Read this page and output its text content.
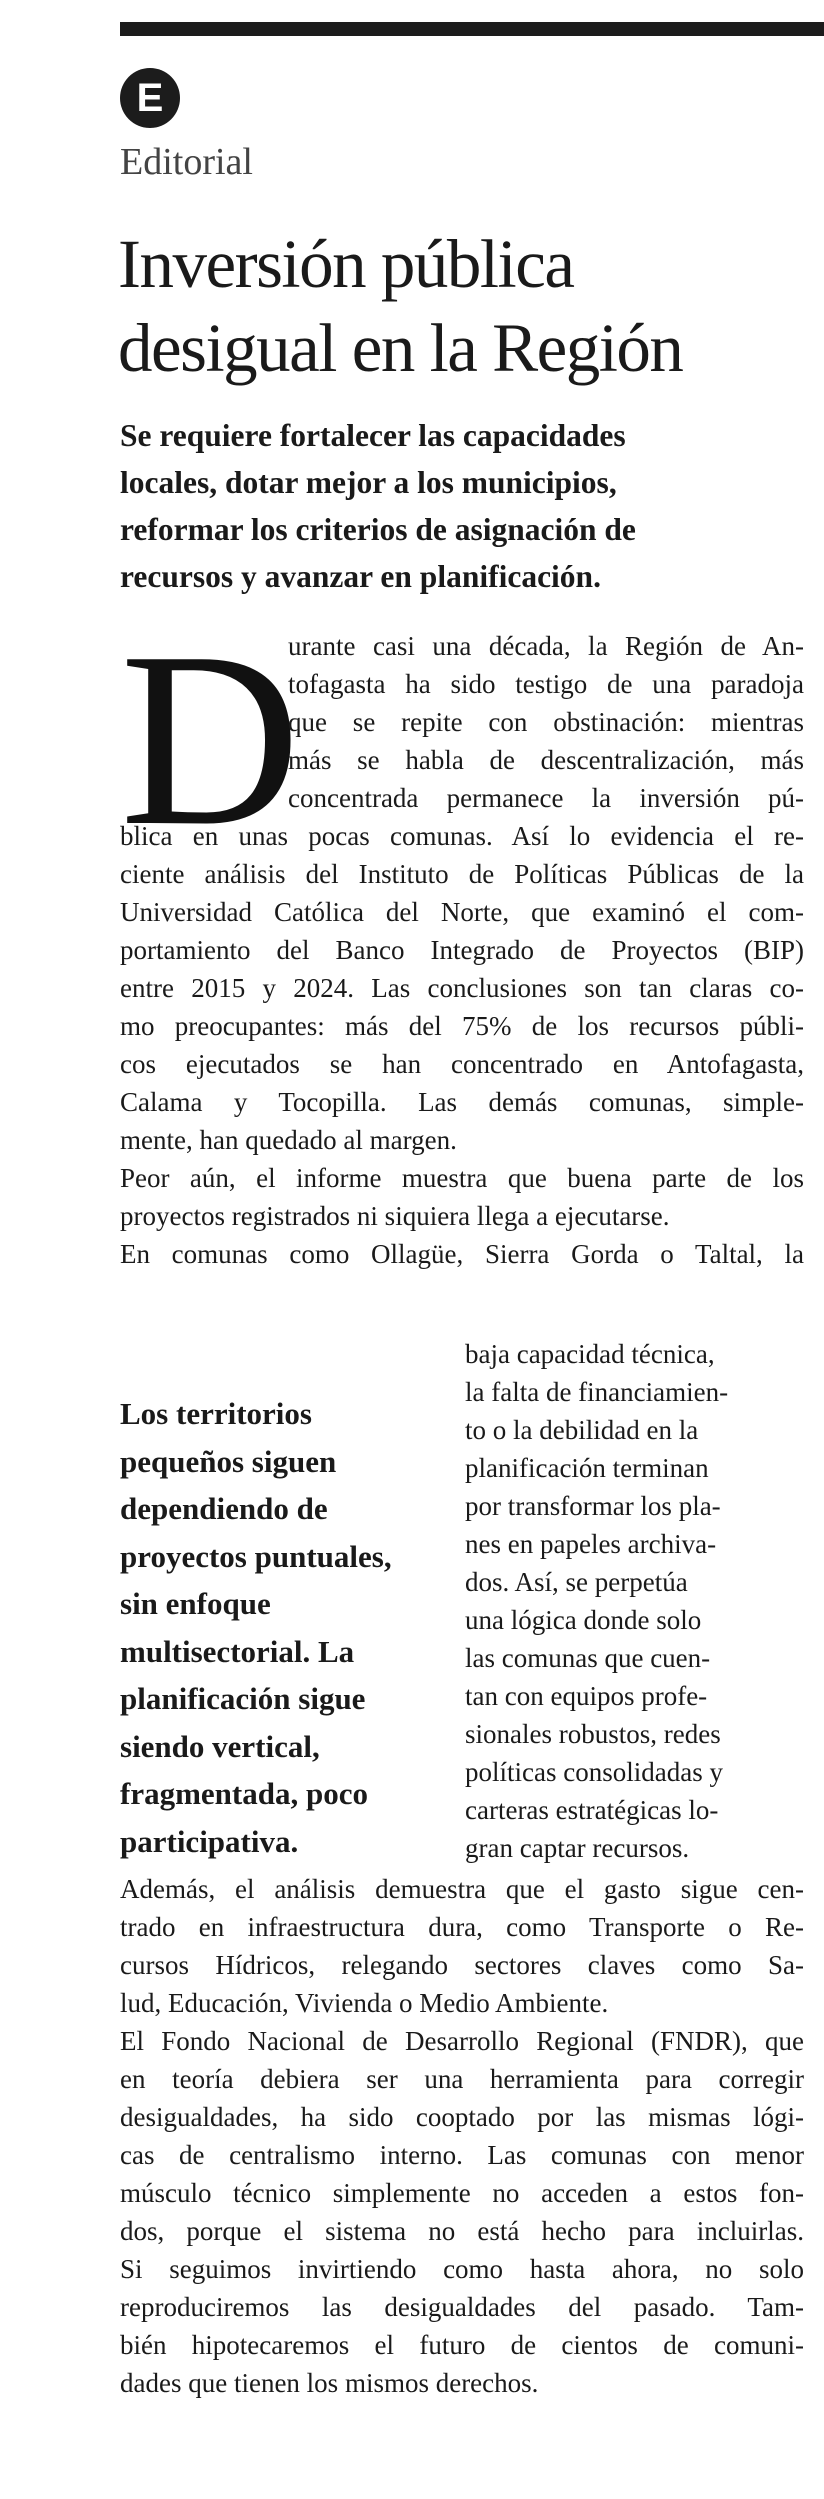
E
Editorial
Inversión pública
desigual en la Región
Se requiere fortalecer las capacidades
locales, dotar mejor a los municipios,
reformar los criterios de asignación de
recursos y avanzar en planificación.
D
urante casi una década, la Región de An-
tofagasta ha sido testigo de una paradoja
que se repite con obstinación: mientras
más se habla de descentralización, más
concentrada permanece la inversión pú-
blica en unas pocas comunas. Así lo evidencia el re-
ciente análisis del Instituto de Políticas Públicas de la
Universidad Católica del Norte, que examinó el com-
portamiento del Banco Integrado de Proyectos (BIP)
entre 2015 y 2024. Las conclusiones son tan claras co-
mo preocupantes: más del 75% de los recursos públi-
cos ejecutados se han concentrado en Antofagasta,
Calama y Tocopilla. Las demás comunas, simple-
mente, han quedado al margen.
Peor aún, el informe muestra que buena parte de los
proyectos registrados ni siquiera llega a ejecutarse.
En comunas como Ollagüe, Sierra Gorda o Taltal, la
baja capacidad técnica,
la falta de financiamien-
to o la debilidad en la
planificación terminan
por transformar los pla-
nes en papeles archiva-
dos. Así, se perpetúa
una lógica donde solo
las comunas que cuen-
tan con equipos profe-
sionales robustos, redes
políticas consolidadas y
carteras estratégicas lo-
gran captar recursos.
Los territorios
pequeños siguen
dependiendo de
proyectos puntuales,
sin enfoque
multisectorial. La
planificación sigue
siendo vertical,
fragmentada, poco
participativa.
Además, el análisis demuestra que el gasto sigue cen-
trado en infraestructura dura, como Transporte o Re-
cursos Hídricos, relegando sectores claves como Sa-
lud, Educación, Vivienda o Medio Ambiente.
El Fondo Nacional de Desarrollo Regional (FNDR), que
en teoría debiera ser una herramienta para corregir
desigualdades, ha sido cooptado por las mismas lógi-
cas de centralismo interno. Las comunas con menor
músculo técnico simplemente no acceden a estos fon-
dos, porque el sistema no está hecho para incluirlas.
Si seguimos invirtiendo como hasta ahora, no solo
reproduciremos las desigualdades del pasado. Tam-
bién hipotecaremos el futuro de cientos de comuni-
dades que tienen los mismos derechos.
